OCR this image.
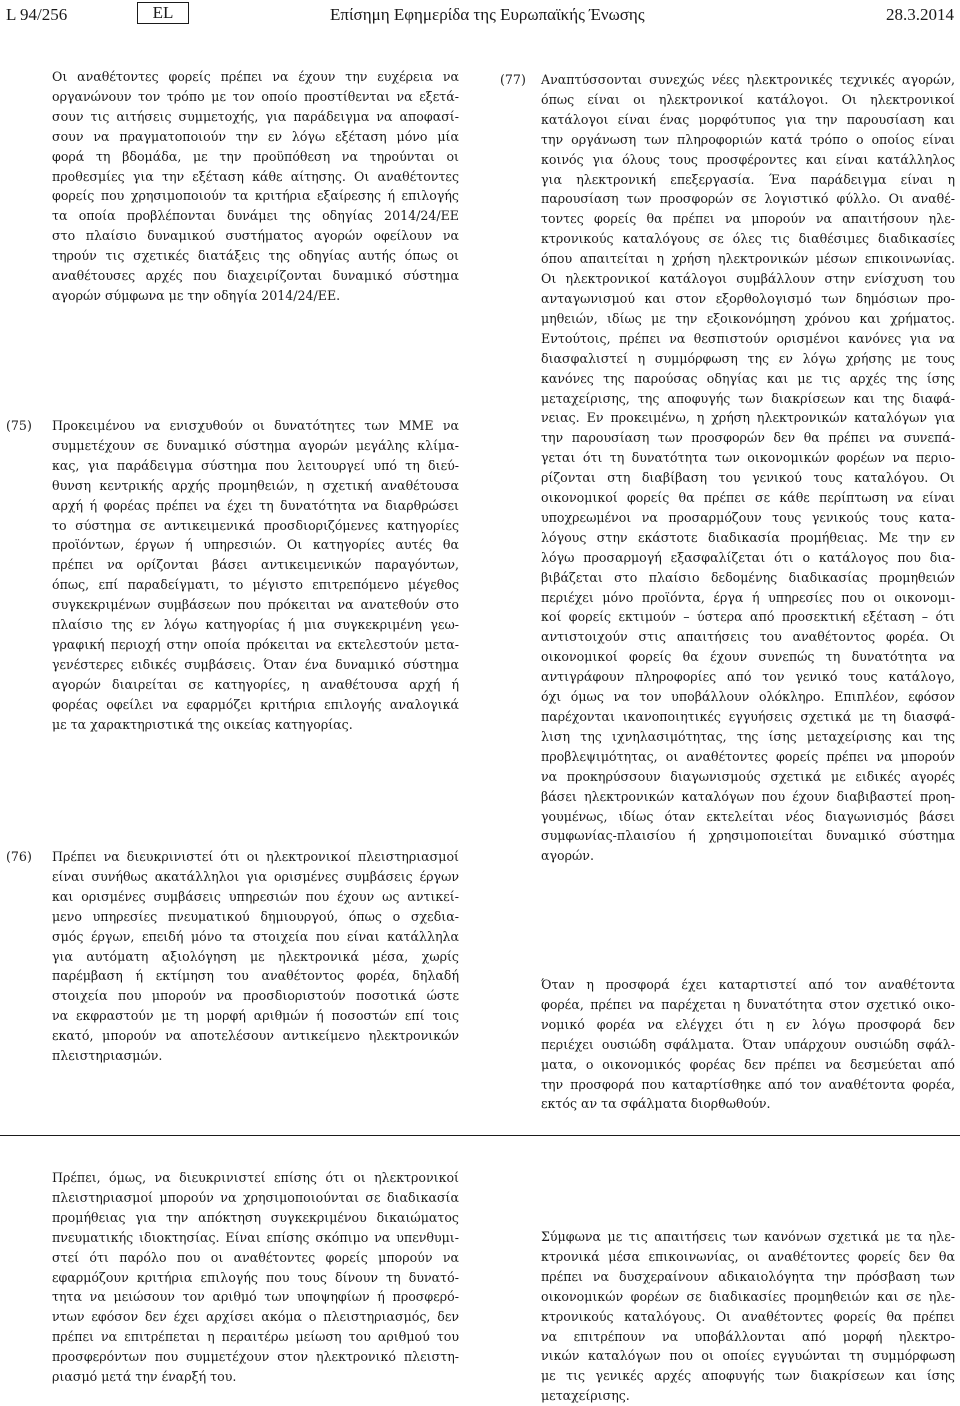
L 94/256	EL	Επίσημη Εφημερίδα της Ευρωπαϊκής Ένωσης	28.3.2014
Οι αναθέτοντες φορείς πρέπει να έχουν την ευχέρεια να
οργανώνουν τον τρόπο με τον οποίο προστίθενται να εξετά-
σουν τις αιτήσεις συμμετοχής, για παράδειγμα να αποφασί-
σουν να πραγματοποιούν την εν λόγω εξέταση μόνο μία
φορά τη βδομάδα, με την προϋπόθεση να τηρούνται οι
προθεσμίες για την εξέταση κάθε αίτησης. Οι αναθέτοντες
φορείς που χρησιμοποιούν τα κριτήρια εξαίρεσης ή επιλογής
τα οποία προβλέπονται δυνάμει της οδηγίας 2014/24/ΕΕ
στο πλαίσιο δυναμικού συστήματος αγορών οφείλουν να
τηρούν τις σχετικές διατάξεις της οδηγίας αυτής όπως οι
αναθέτουσες αρχές που διαχειρίζονται δυναμικό σύστημα
αγορών σύμφωνα με την οδηγία 2014/24/ΕΕ.
(75) Προκειμένου να ενισχυθούν οι δυνατότητες των ΜΜΕ να
συμμετέχουν σε δυναμικό σύστημα αγορών μεγάλης κλίμα-
κας, για παράδειγμα σύστημα που λειτουργεί υπό τη διεύ-
θυνση κεντρικής αρχής προμηθειών, η σχετική αναθέτουσα
αρχή ή φορέας πρέπει να έχει τη δυνατότητα να διαρθρώσει
το σύστημα σε αντικειμενικά προσδιοριζόμενες κατηγορίες
προϊόντων, έργων ή υπηρεσιών. Οι κατηγορίες αυτές θα
πρέπει να ορίζονται βάσει αντικειμενικών παραγόντων,
όπως, επί παραδείγματι, το μέγιστο επιτρεπόμενο μέγεθος
συγκεκριμένων συμβάσεων που πρόκειται να ανατεθούν στο
πλαίσιο της εν λόγω κατηγορίας ή μια συγκεκριμένη γεω-
γραφική περιοχή στην οποία πρόκειται να εκτελεστούν μετα-
γενέστερες ειδικές συμβάσεις. Όταν ένα δυναμικό σύστημα
αγορών διαιρείται σε κατηγορίες, η αναθέτουσα αρχή ή
φορέας οφείλει να εφαρμόζει κριτήρια επιλογής αναλογικά
με τα χαρακτηριστικά της οικείας κατηγορίας.
(76) Πρέπει να διευκρινιστεί ότι οι ηλεκτρονικοί πλειστηριασμοί
είναι συνήθως ακατάλληλοι για ορισμένες συμβάσεις έργων
και ορισμένες συμβάσεις υπηρεσιών που έχουν ως αντικεί-
μενο υπηρεσίες πνευματικού δημιουργού, όπως ο σχεδια-
σμός έργων, επειδή μόνο τα στοιχεία που είναι κατάλληλα
για αυτόματη αξιολόγηση με ηλεκτρονικά μέσα, χωρίς
παρέμβαση ή εκτίμηση του αναθέτοντος φορέα, δηλαδή
στοιχεία που μπορούν να προσδιοριστούν ποσοτικά ώστε
να εκφραστούν με τη μορφή αριθμών ή ποσοστών επί τοις
εκατό, μπορούν να αποτελέσουν αντικείμενο ηλεκτρονικών
πλειστηριασμών.
(77) Αναπτύσσονται συνεχώς νέες ηλεκτρονικές τεχνικές αγορών,
όπως είναι οι ηλεκτρονικοί κατάλογοι. Οι ηλεκτρονικοί
κατάλογοι είναι ένας μορφότυπος για την παρουσίαση και
την οργάνωση των πληροφοριών κατά τρόπο ο οποίος είναι
κοινός για όλους τους προσφέροντες και είναι κατάλληλος
για ηλεκτρονική επεξεργασία. Ένα παράδειγμα είναι η
παρουσίαση των προσφορών σε λογιστικό φύλλο. Οι αναθέ-
τοντες φορείς θα πρέπει να μπορούν να απαιτήσουν ηλε-
κτρονικούς καταλόγους σε όλες τις διαθέσιμες διαδικασίες
όπου απαιτείται η χρήση ηλεκτρονικών μέσων επικοινωνίας.
Οι ηλεκτρονικοί κατάλογοι συμβάλλουν στην ενίσχυση του
ανταγωνισμού και στον εξορθολογισμό των δημόσιων προ-
μηθειών, ιδίως με την εξοικονόμηση χρόνου και χρήματος.
Εντούτοις, πρέπει να θεσπιστούν ορισμένοι κανόνες για να
διασφαλιστεί η συμμόρφωση της εν λόγω χρήσης με τους
κανόνες της παρούσας οδηγίας και με τις αρχές της ίσης
μεταχείρισης, της αποφυγής των διακρίσεων και της διαφά-
νειας. Εν προκειμένω, η χρήση ηλεκτρονικών καταλόγων για
την παρουσίαση των προσφορών δεν θα πρέπει να συνεπά-
γεται ότι τη δυνατότητα των οικονομικών φορέων να περιο-
ρίζονται στη διαβίβαση του γενικού τους καταλόγου. Οι
οικονομικοί φορείς θα πρέπει σε κάθε περίπτωση να είναι
υποχρεωμένοι να προσαρμόζουν τους γενικούς τους κατα-
λόγους στην εκάστοτε διαδικασία προμήθειας. Με την εν
λόγω προσαρμογή εξασφαλίζεται ότι ο κατάλογος που δια-
βιβάζεται στο πλαίσιο δεδομένης διαδικασίας προμηθειών
περιέχει μόνο προϊόντα, έργα ή υπηρεσίες που οι οικονομι-
κοί φορείς εκτιμούν – ύστερα από προσεκτική εξέταση – ότι
αντιστοιχούν στις απαιτήσεις του αναθέτοντος φορέα. Οι
οικονομικοί φορείς θα έχουν συνεπώς τη δυνατότητα να
αντιγράφουν πληροφορίες από τον γενικό τους κατάλογο,
όχι όμως να τον υποβάλλουν ολόκληρο. Επιπλέον, εφόσον
παρέχονται ικανοποιητικές εγγυήσεις σχετικά με τη διασφά-
λιση της ιχνηλασιμότητας, της ίσης μεταχείρισης και της
προβλεψιμότητας, οι αναθέτοντες φορείς πρέπει να μπορούν
να προκηρύσσουν διαγωνισμούς σχετικά με ειδικές αγορές
βάσει ηλεκτρονικών καταλόγων που έχουν διαβιβαστεί προη-
γουμένως, ιδίως όταν εκτελείται νέος διαγωνισμός βάσει
συμφωνίας-πλαισίου ή χρησιμοποιείται δυναμικό σύστημα
αγορών.
Όταν η προσφορά έχει καταρτιστεί από τον αναθέτοντα
φορέα, πρέπει να παρέχεται η δυνατότητα στον σχετικό οικο-
νομικό φορέα να ελέγχει ότι η εν λόγω προσφορά δεν
περιέχει ουσιώδη σφάλματα. Όταν υπάρχουν ουσιώδη σφάλ-
ματα, ο οικονομικός φορέας δεν πρέπει να δεσμεύεται από
την προσφορά που καταρτίσθηκε από τον αναθέτοντα φορέα,
εκτός αν τα σφάλματα διορθωθούν.
Πρέπει, όμως, να διευκρινιστεί επίσης ότι οι ηλεκτρονικοί
πλειστηριασμοί μπορούν να χρησιμοποιούνται σε διαδικασία
προμήθειας για την απόκτηση συγκεκριμένου δικαιώματος
πνευματικής ιδιοκτησίας. Είναι επίσης σκόπιμο να υπενθυμι-
στεί ότι παρόλο που οι αναθέτοντες φορείς μπορούν να
εφαρμόζουν κριτήρια επιλογής που τους δίνουν τη δυνατό-
τητα να μειώσουν τον αριθμό των υποψηφίων ή προσφερό-
ντων εφόσον δεν έχει αρχίσει ακόμα ο πλειστηριασμός, δεν
πρέπει να επιτρέπεται η περαιτέρω μείωση του αριθμού του
προσφερόντων που συμμετέχουν στον ηλεκτρονικό πλειστη-
ριασμό μετά την έναρξή του.
Σύμφωνα με τις απαιτήσεις των κανόνων σχετικά με τα ηλε-
κτρονικά μέσα επικοινωνίας, οι αναθέτοντες φορείς δεν θα
πρέπει να δυσχεραίνουν αδικαιολόγητα την πρόσβαση των
οικονομικών φορέων σε διαδικασίες προμηθειών και σε ηλε-
κτρονικούς καταλόγους. Οι αναθέτοντες φορείς θα πρέπει
να επιτρέπουν να υποβάλλονται από μορφή ηλεκτρο-
νικών καταλόγων που οι οποίες εγγυώνται τη συμμόρφωση
με τις γενικές αρχές αποφυγής των διακρίσεων και ίσης
μεταχείρισης.
